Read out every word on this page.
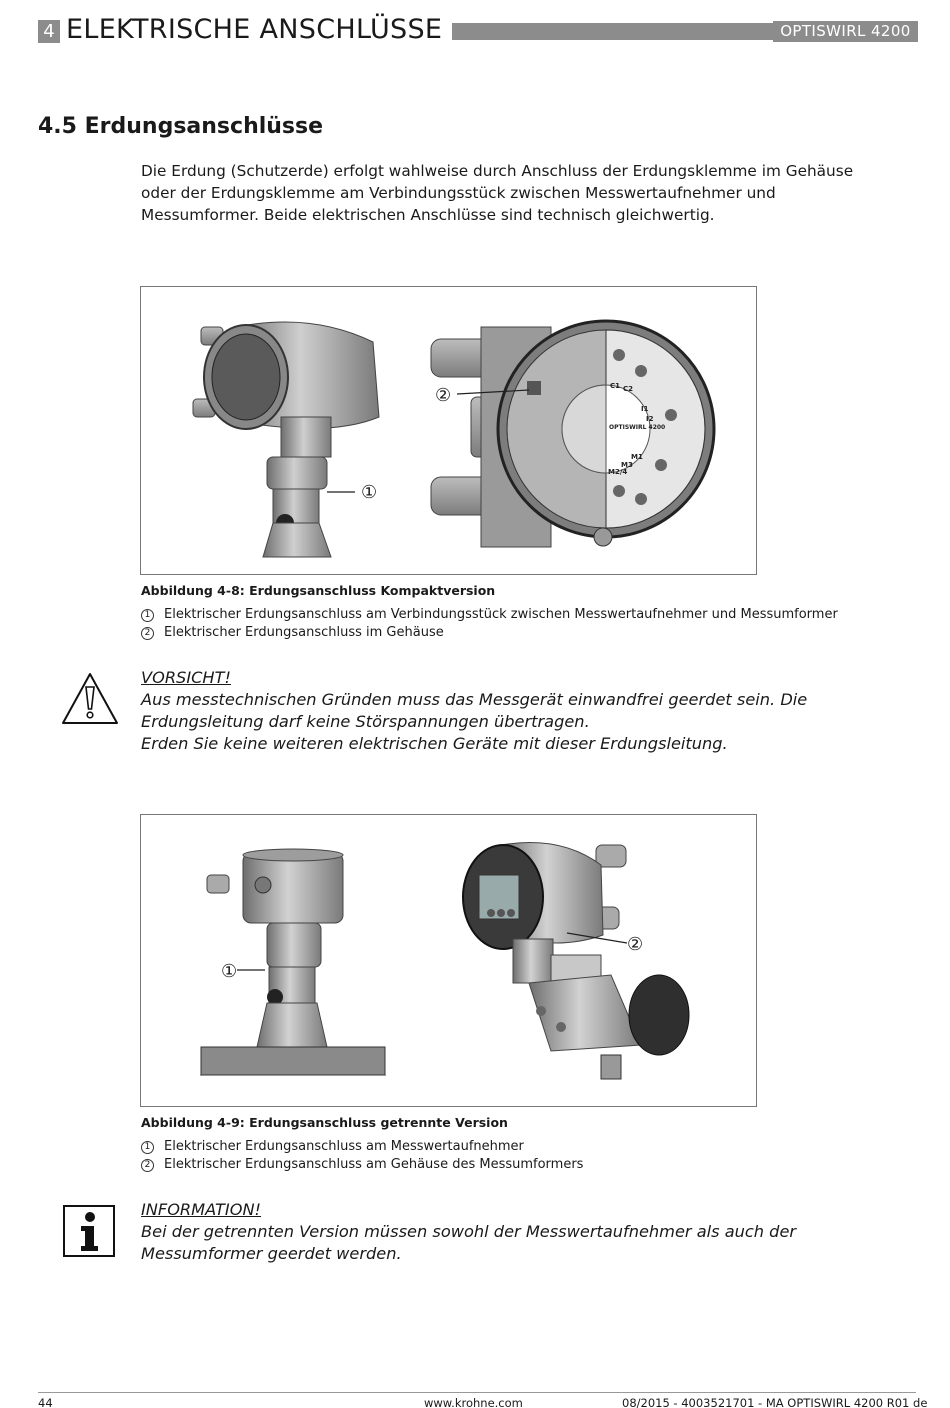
4 ELEKTRISCHE ANSCHLÜSSE	OPTISWIRL 4200
4.5 Erdungsanschlüsse

Die Erdung (Schutzerde) erfolgt wahlweise durch Anschluss der Erdungsklemme im Gehäuse

oder der Erdungsklemme am Verbindungsstück zwischen Messwertaufnehmer und

Messumformer. Beide elektrischen Anschlüsse sind technisch gleichwertig.

①
②	C1 C2
I1
I2
OPTISWIRL 4200
M1
M3
M2/4
Abbildung 4-8: Erdungsanschluss Kompaktversion
1 Elektrischer Erdungsanschluss am Verbindungsstück zwischen Messwertaufnehmer und Messumformer
2 Elektrischer Erdungsanschluss im Gehäuse

VORSICHT!

Aus messtechnischen Gründen muss das Messgerät einwandfrei geerdet sein. Die

Erdungsleitung darf keine Störspannungen übertragen.

Erden Sie keine weiteren elektrischen Geräte mit dieser Erdungsleitung.

①
②
Abbildung 4-9: Erdungsanschluss getrennte Version
1 Elektrischer Erdungsanschluss am Messwertaufnehmer
2 Elektrischer Erdungsanschluss am Gehäuse des Messumformers

INFORMATION!

Bei der getrennten Version müssen sowohl der Messwertaufnehmer als auch der

Messumformer geerdet werden.

44	www.krohne.com	08/2015 - 4003521701 - MA OPTISWIRL 4200 R01 de
